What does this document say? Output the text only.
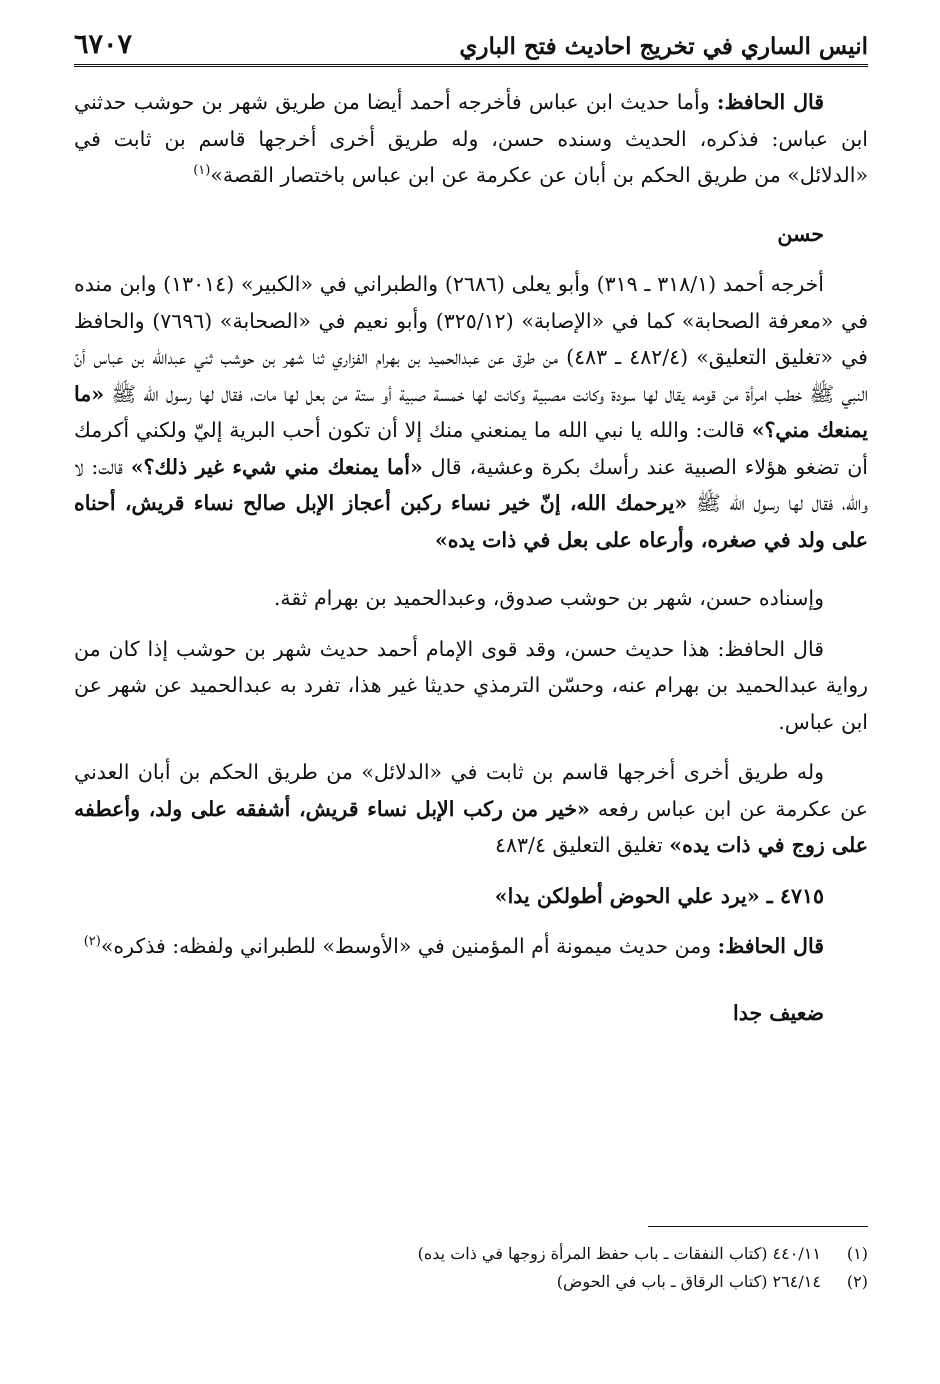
انيس الساري في تخريج احاديث فتح الباري
٦٧٠٧

قال الحافظ: وأما حديث ابن عباس فأخرجه أحمد أيضا من طريق شهر بن حوشب حدثني ابن عباس: فذكره، الحديث وسنده حسن، وله طريق أخرى أخرجها قاسم بن ثابت في «الدلائل» من طريق الحكم بن أبان عن عكرمة عن ابن عباس باختصار القصة»$^{(١)}$

حسن

أخرجه أحمد (٣١٨/١ ـ ٣١٩) وأبو يعلى (٢٦٨٦) والطبراني في «الكبير» (١٣٠١٤) وابن منده في «معرفة الصحابة» كما في «الإصابة» (٣٢٥/١٢) وأبو نعيم في «الصحابة» (٧٦٩٦) والحافظ في «تغليق التعليق» (٤٨٢/٤ ـ ٤٨٣) من طرق عن عبدالحميد بن بهرام الفزاري ثنا شهر بن حوشب ثني عبدالله بن عباس أنّ النبي ﷺ خطب امرأة من قومه يقال لها سودة وكانت مصبية وكانت لها خمسة صبية أو ستة من بعل لها مات، فقال لها رسول الله ﷺ «ما يمنعك مني؟» قالت: والله يا نبي الله ما يمنعني منك إلا أن تكون أحب البرية إليّ ولكني أكرمك أن تضغو هؤلاء الصبية عند رأسك بكرة وعشية، قال «أما يمنعك مني شيء غير ذلك؟» قالت: لا والله، فقال لها رسول الله ﷺ «يرحمك الله، إنّ خير نساء ركبن أعجاز الإبل صالح نساء قريش، أحناه على ولد في صغره، وأرعاه على بعل في ذات يده»

وإسناده حسن، شهر بن حوشب صدوق، وعبدالحميد بن بهرام ثقة.

قال الحافظ: هذا حديث حسن، وقد قوى الإمام أحمد حديث شهر بن حوشب إذا كان من رواية عبدالحميد بن بهرام عنه، وحسّن الترمذي حديثا غير هذا، تفرد به عبدالحميد عن شهر عن ابن عباس.

وله طريق أخرى أخرجها قاسم بن ثابت في «الدلائل» من طريق الحكم بن أبان العدني عن عكرمة عن ابن عباس رفعه «خير من ركب الإبل نساء قريش، أشفقه على ولد، وأعطفه على زوج في ذات يده» تغليق التعليق ٤٨٣/٤

٤٧١٥ ـ «يرد علي الحوض أطولكن يدا»

قال الحافظ: ومن حديث ميمونة أم المؤمنين في «الأوسط» للطبراني ولفظه: فذكره»$^{(٢)}$

ضعيف جدا

(١)
٤٤٠/١١ (كتاب النفقات ـ باب حفظ المرأة زوجها في ذات يده)
(٢)
٢٦٤/١٤ (كتاب الرقاق ـ باب في الحوض)
